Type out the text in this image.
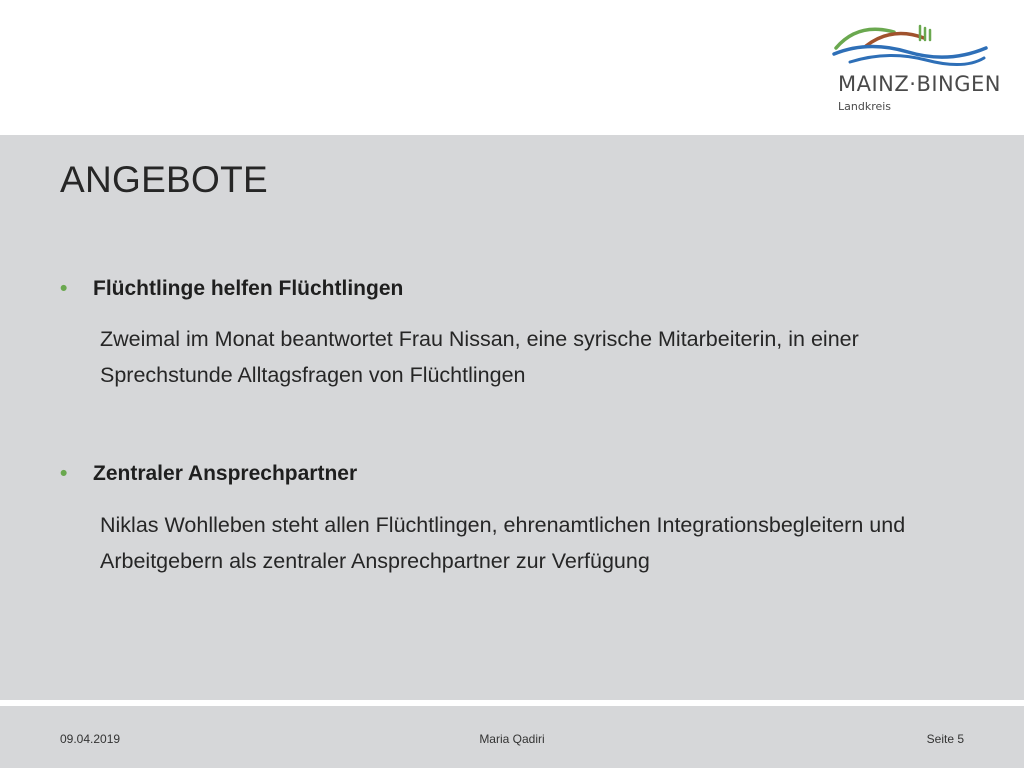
MAINZ·BINGEN
Landkreis
ANGEBOTE
• Flüchtlinge helfen Flüchtlingen

Zweimal im Monat beantwortet Frau Nissan, eine syrische Mitarbeiterin, in einer Sprechstunde Alltagsfragen von Flüchtlingen

• Zentraler Ansprechpartner

Niklas Wohlleben steht allen Flüchtlingen, ehrenamtlichen Integrationsbegleitern und Arbeitgebern als zentraler Ansprechpartner zur Verfügung

09.04.2019	Maria Qadiri	Seite 5
